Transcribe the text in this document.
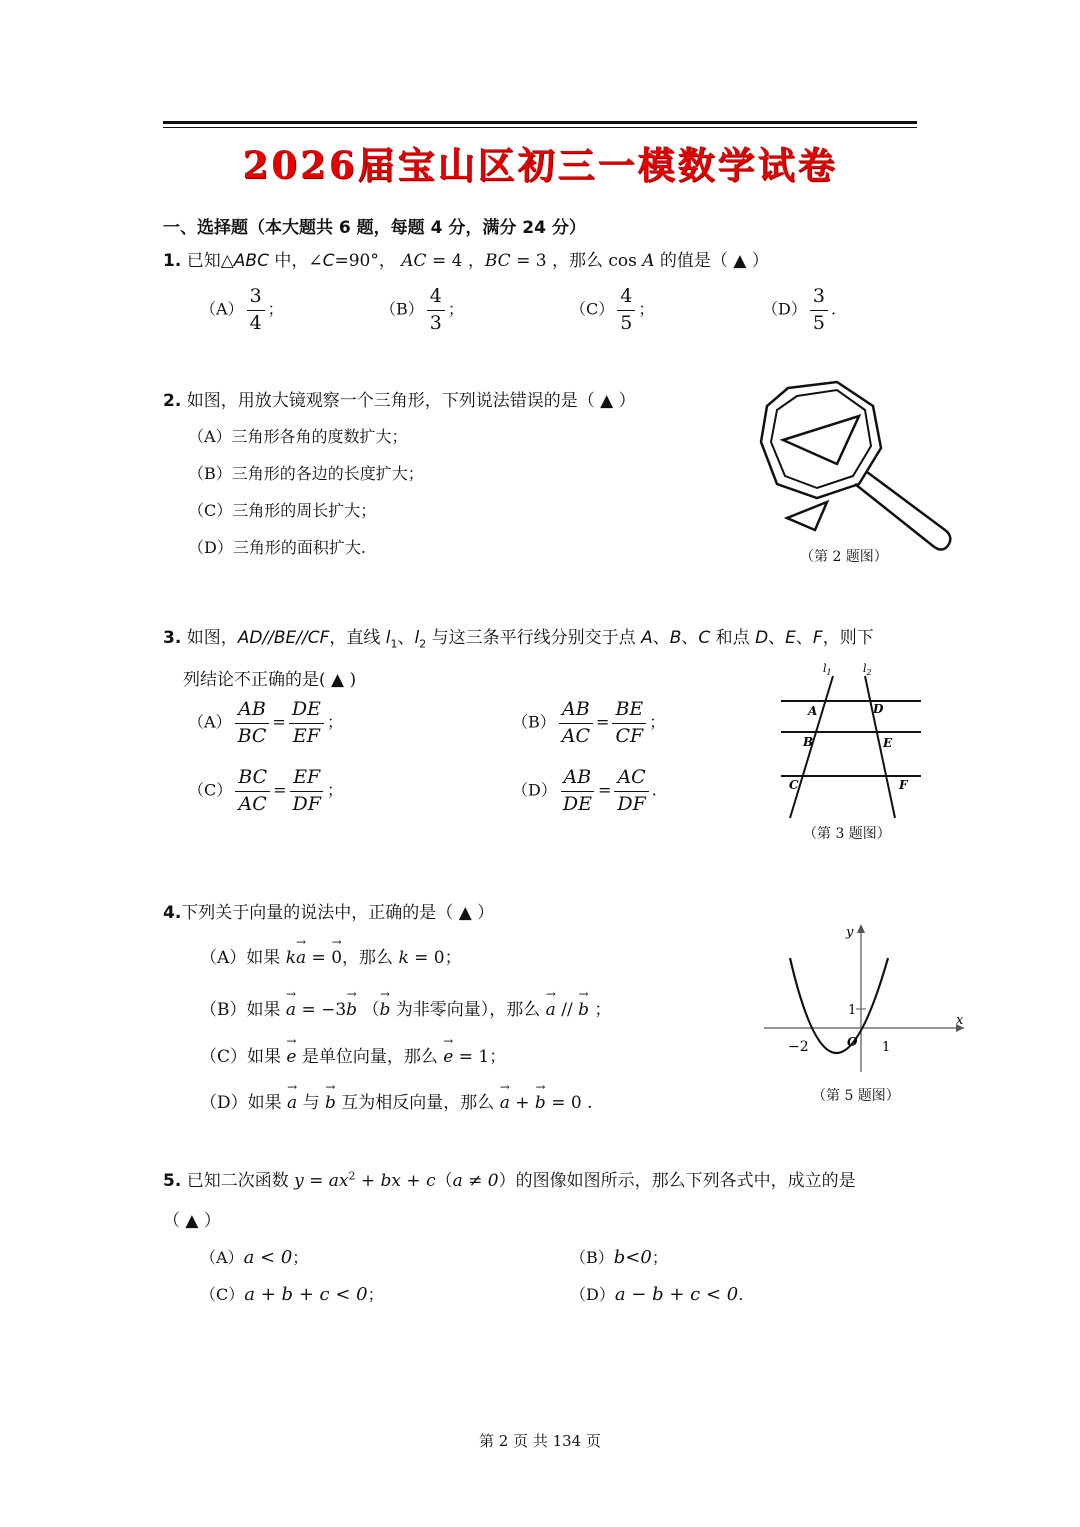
2026届宝山区初三一模数学试卷
一、选择题（本大题共 6 题，每题 4 分，满分 24 分）
1. 已知△ABC 中，∠C=90°， AC = 4 ，BC = 3 ，那么 cos A 的值是（ ▲ ）
$(A) \frac{3}{4}$ ；	$(B) \frac{4}{3}$ ；	$(C) \frac{4}{5}$ ；	$(D) \frac{3}{5}$ .
2. 如图，用放大镜观察一个三角形，下列说法错误的是（ ▲ ）
（A）三角形各角的度数扩大；
（B）三角形的各边的长度扩大；
（C）三角形的周长扩大；
（D）三角形的面积扩大.	（第 2 题图）
3. 如图，AD//BE//CF，直线 $l_1$、$l_2$ 与这三条平行线分别交于点 A、B、C 和点 D、E、F，则下
列结论不正确的是( ▲ )
$(A) \frac{AB}{BC} = \frac{DE}{EF}$ ；	$(B) \frac{AB}{AC} = \frac{BE}{CF}$ ；
$(C) \frac{BC}{AC} = \frac{EF}{DF}$ ；	$(D) \frac{AB}{DE} = \frac{AC}{DF}$ .
$l_1$	$l_2$
A	D
B	E
C	F
（第 3 题图）
4.下列关于向量的说法中，正确的是（ ▲ ）
（A）如果 k→ a = → 0，那么 k = 0；
（B）如果 → a = −3→ b （→ b 为非零向量），那么 → a // → b ；
（C）如果 → e 是单位向量，那么 → e = 1；
（D）如果 → a 与 → b 互为相反向量，那么 → a + → b = 0 .
y
x
1
−2	O 1
（第 5 题图）
5. 已知二次函数 $y = ax^2$ + bx + c（a ≠ 0）的图像如图所示，那么下列各式中，成立的是
（ ▲ ）
（A）a < 0；	（B）b<0；
（C）a + b + c < 0；	（D）a − b + c < 0.
第 2 页 共 134 页
